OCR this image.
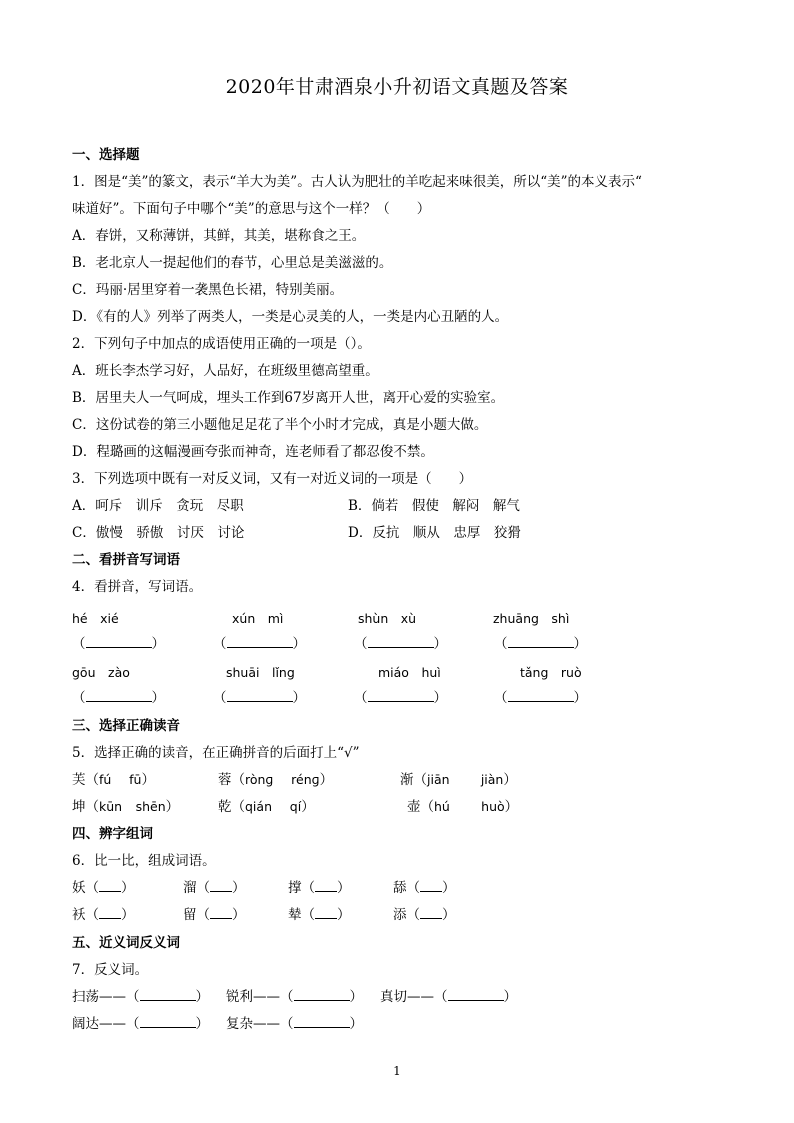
2020年甘肃酒泉小升初语文真题及答案
一、选择题
1．图是“美”的篆文，表示“羊大为美”。古人认为肥壮的羊吃起来味很美，所以“美”的本义表示“
味道好”。下面句子中哪个“美”的意思与这个一样？（　　）
A．春饼，又称薄饼，其鲜，其美，堪称食之王。
B．老北京人一提起他们的春节，心里总是美滋滋的。
C．玛丽·居里穿着一袭黑色长裙，特别美丽。
D．《有的人》列举了两类人，一类是心灵美的人，一类是内心丑陋的人。
2．下列句子中加点的成语使用正确的一项是（）。
A．班长李杰学习好，人品好，在班级里德高望重。
B．居里夫人一气呵成，埋头工作到67岁离开人世，离开心爱的实验室。
C．这份试卷的第三小题他足足花了半个小时才完成，真是小题大做。
D．程璐画的这幅漫画夸张而神奇，连老师看了都忍俊不禁。
3．下列选项中既有一对反义词，又有一对近义词的一项是（　　）
A．呵斥　训斥　贪玩　尽职	B．倘若　假使　解闷　解气
C．傲慢　骄傲　讨厌　讨论	D．反抗　顺从　忠厚　狡猾
二、看拼音写词语
4．看拼音，写词语。
hé　xié	xún　mì	shùn　xù	zhuāng　shì
（	）	（	）	（	）	（	）
gōu　zào	shuāi　lǐng	miáo　huì	tǎng　ruò
（	）	（	）	（	）	（	）
三、选择正确读音
5．选择正确的读音，在正确拼音的后面打上“√”
芙（fú　 fū）	蓉（rònɡ　 rénɡ）	渐（jiān　　	jiàn）
坤（kūn　 shēn）	乾（qián　 qí）	壶（hú　　	huò）
四、辨字组词
6．比一比，组成词语。
妖（ ）	溜（ ）	撑（ ）	舔（ ）
袄（ ）	留（ ）	辇（ ）	添（ ）
五、近义词反义词
7．反义词。
扫荡——（	） 锐利——（	） 真切——（	）
阔达——（	） 复杂——（	）
1
